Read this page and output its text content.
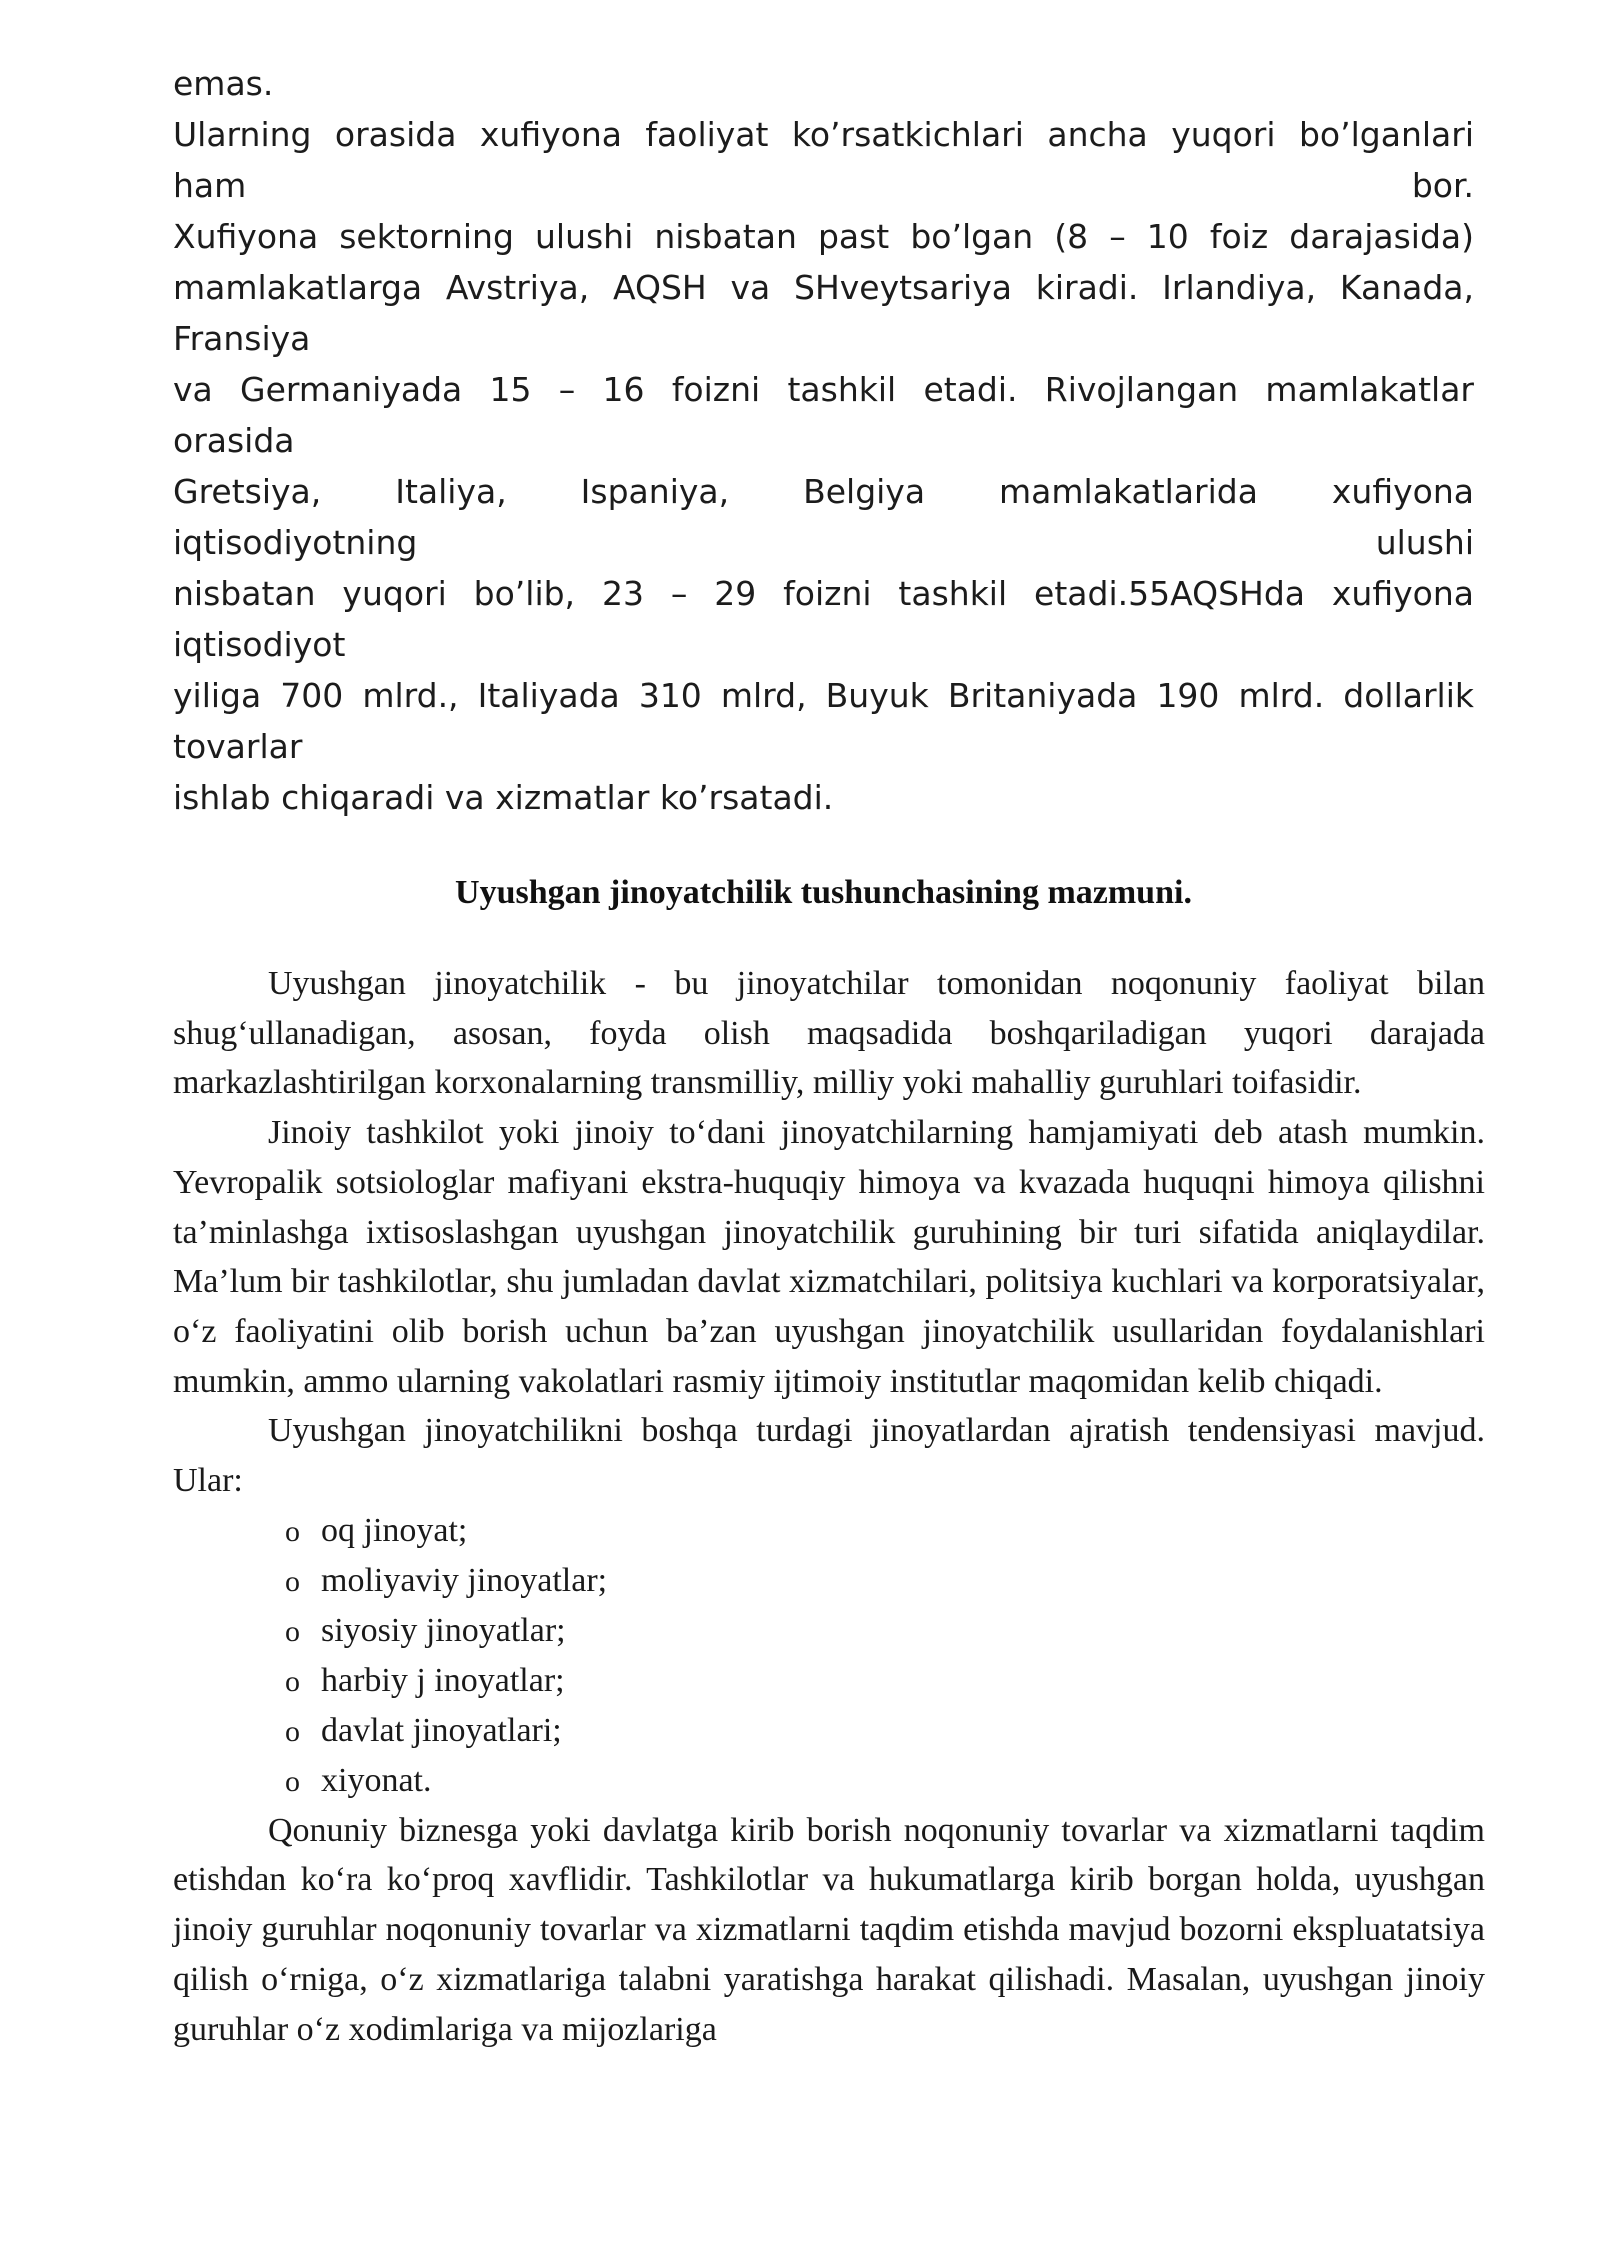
emas.
Ularning orasida xufiyona faoliyat ko’rsatkichlari ancha yuqori bo’lganlari
ham bor.
Xufiyona sektorning ulushi nisbatan past bo’lgan (8 – 10 foiz darajasida)
mamlakatlarga Avstriya, AQSH va SHveytsariya kiradi. Irlandiya, Kanada,
Fransiya
va Germaniyada 15 – 16 foizni tashkil etadi. Rivojlangan mamlakatlar
orasida
Gretsiya, Italiya, Ispaniya, Belgiya mamlakatlarida xufiyona
iqtisodiyotning ulushi
nisbatan yuqori bo’lib, 23 – 29 foizni tashkil etadi.55AQSHda xufiyona
iqtisodiyot
yiliga 700 mlrd., Italiyada 310 mlrd, Buyuk Britaniyada 190 mlrd. dollarlik
tovarlar
ishlab chiqaradi va xizmatlar ko’rsatadi.
Uyushgan jinoyatchilik tushunchasining mazmuni.

Uyushgan jinoyatchilik - bu jinoyatchilar tomonidan noqonuniy faoliyat bilan shug‘ullanadigan, asosan, foyda olish maqsadida boshqariladigan yuqori darajada markazlashtirilgan korxonalarning transmilliy, milliy yoki mahalliy guruhlari toifasidir.

Jinoiy tashkilot yoki jinoiy to‘dani jinoyatchilarning hamjamiyati deb atash mumkin. Yevropalik sotsiologlar mafiyani ekstra-huquqiy himoya va kvazada huquqni himoya qilishni ta’minlashga ixtisoslashgan uyushgan jinoyatchilik guruhining bir turi sifatida aniqlaydilar. Ma’lum bir tashkilotlar, shu jumladan davlat xizmatchilari, politsiya kuchlari va korporatsiyalar, o‘z faoliyatini olib borish uchun ba’zan uyushgan jinoyatchilik usullaridan foydalanishlari mumkin, ammo ularning vakolatlari rasmiy ijtimoiy institutlar maqomidan kelib chiqadi.

Uyushgan jinoyatchilikni boshqa turdagi jinoyatlardan ajratish tendensiyasi mavjud. Ular:

o oq jinoyat;
o moliyaviy jinoyatlar;
o siyosiy jinoyatlar;
o harbiy j inoyatlar;
o davlat jinoyatlari;
o xiyonat.

Qonuniy biznesga yoki davlatga kirib borish noqonuniy tovarlar va xizmatlarni taqdim etishdan ko‘ra ko‘proq xavflidir. Tashkilotlar va hukumatlarga kirib borgan holda, uyushgan jinoiy guruhlar noqonuniy tovarlar va xizmatlarni taqdim etishda mavjud bozorni ekspluatatsiya qilish o‘rniga, o‘z xizmatlariga talabni yaratishga harakat qilishadi. Masalan, uyushgan jinoiy guruhlar o‘z xodimlariga va mijozlariga
